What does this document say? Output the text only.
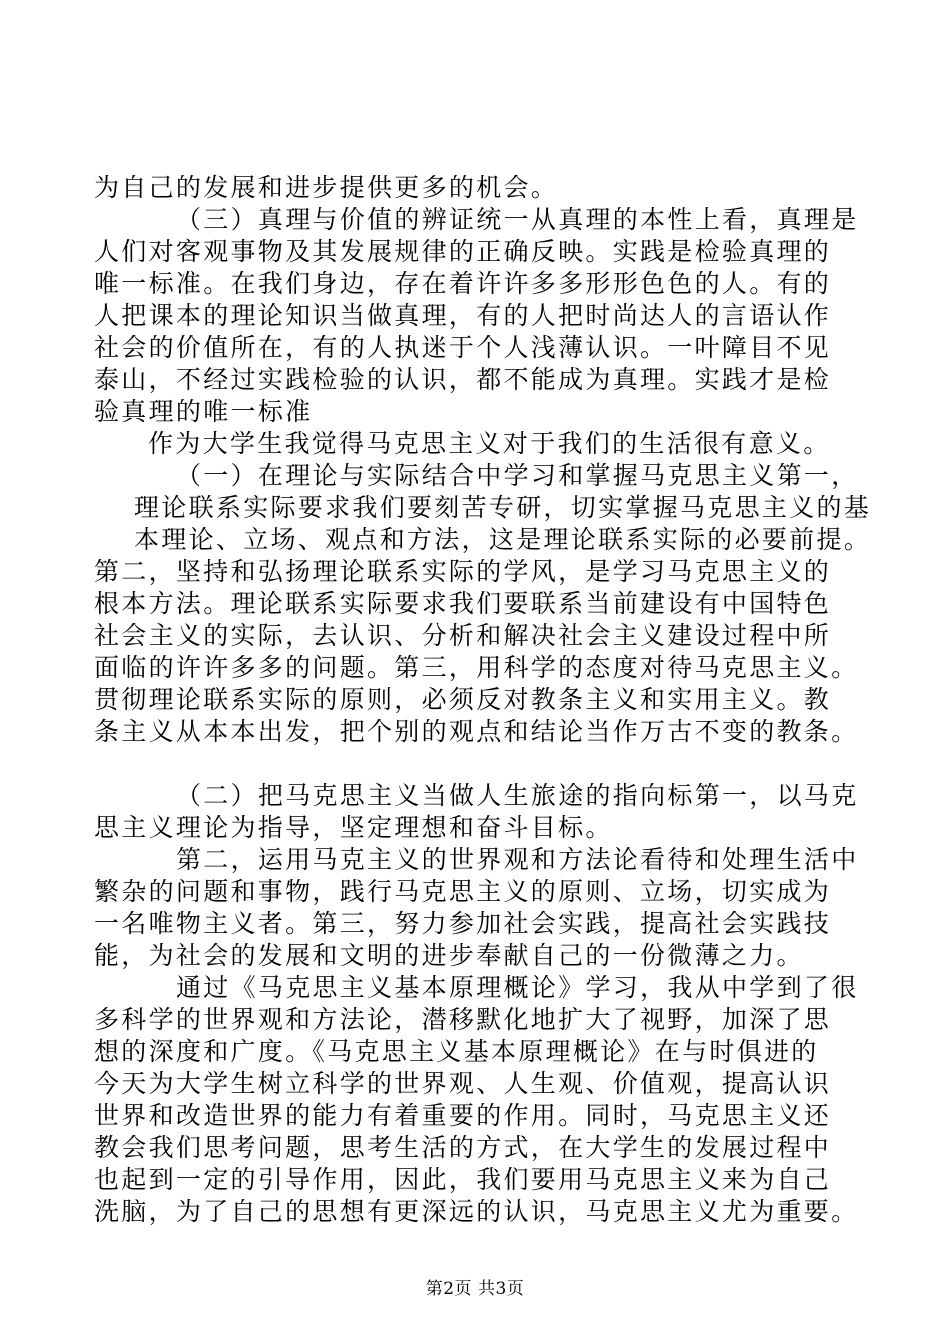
为自己的发展和进步提供更多的机会。
（三）真理与价值的辨证统一从真理的本性上看，真理是
人们对客观事物及其发展规律的正确反映。实践是检验真理的
唯一标准。在我们身边，存在着许许多多形形色色的人。有的
人把课本的理论知识当做真理，有的人把时尚达人的言语认作
社会的价值所在，有的人执迷于个人浅薄认识。一叶障目不见
泰山，不经过实践检验的认识，都不能成为真理。实践才是检
验真理的唯一标准
作为大学生我觉得马克思主义对于我们的生活很有意义。
（一）在理论与实际结合中学习和掌握马克思主义第一，
理论联系实际要求我们要刻苦专研，切实掌握马克思主义的基
本理论、立场、观点和方法，这是理论联系实际的必要前提。
第二，坚持和弘扬理论联系实际的学风，是学习马克思主义的
根本方法。理论联系实际要求我们要联系当前建设有中国特色
社会主义的实际，去认识、分析和解决社会主义建设过程中所
面临的许许多多的问题。第三，用科学的态度对待马克思主义。
贯彻理论联系实际的原则，必须反对教条主义和实用主义。教
条主义从本本出发，把个别的观点和结论当作万古不变的教条。
（二）把马克思主义当做人生旅途的指向标第一，以马克
思主义理论为指导，坚定理想和奋斗目标。
第二，运用马克主义的世界观和方法论看待和处理生活中
繁杂的问题和事物，践行马克思主义的原则、立场，切实成为
一名唯物主义者。第三，努力参加社会实践，提高社会实践技
能，为社会的发展和文明的进步奉献自己的一份微薄之力。
通过《马克思主义基本原理概论》学习，我从中学到了很
多科学的世界观和方法论，潜移默化地扩大了视野，加深了思
想的深度和广度。《马克思主义基本原理概论》在与时俱进的
今天为大学生树立科学的世界观、人生观、价值观，提高认识
世界和改造世界的能力有着重要的作用。同时，马克思主义还
教会我们思考问题，思考生活的方式，在大学生的发展过程中
也起到一定的引导作用，因此，我们要用马克思主义来为自己
洗脑，为了自己的思想有更深远的认识，马克思主义尤为重要。
第2页 共3页
